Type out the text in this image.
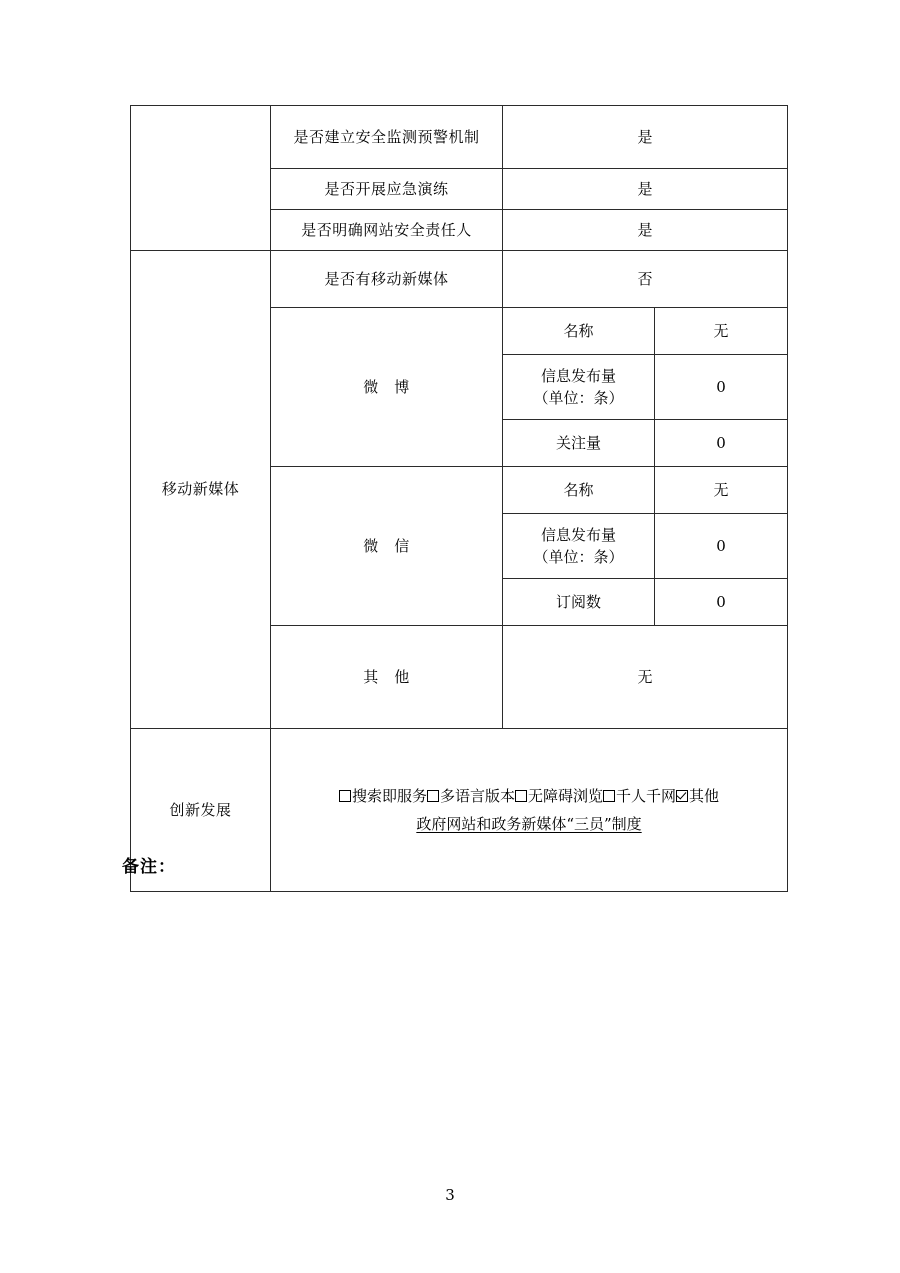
	是否建立安全监测预警机制	是	
	是否开展应急演练	是	
	是否明确网站安全责任人	是	
移动新媒体	是否有移动新媒体	否	
	微　博	名称	无

		信息发布量
（单位：条）	0
		关注量	0
	微　信	名称	无

		信息发布量
（单位：条）	0
		订阅数	0
	其　他	无	
创新发展	搜索即服务 多语言版本 无障碍浏览 千人千网 其他
政府网站和政务新媒体“三员”制度		
备注：
3
